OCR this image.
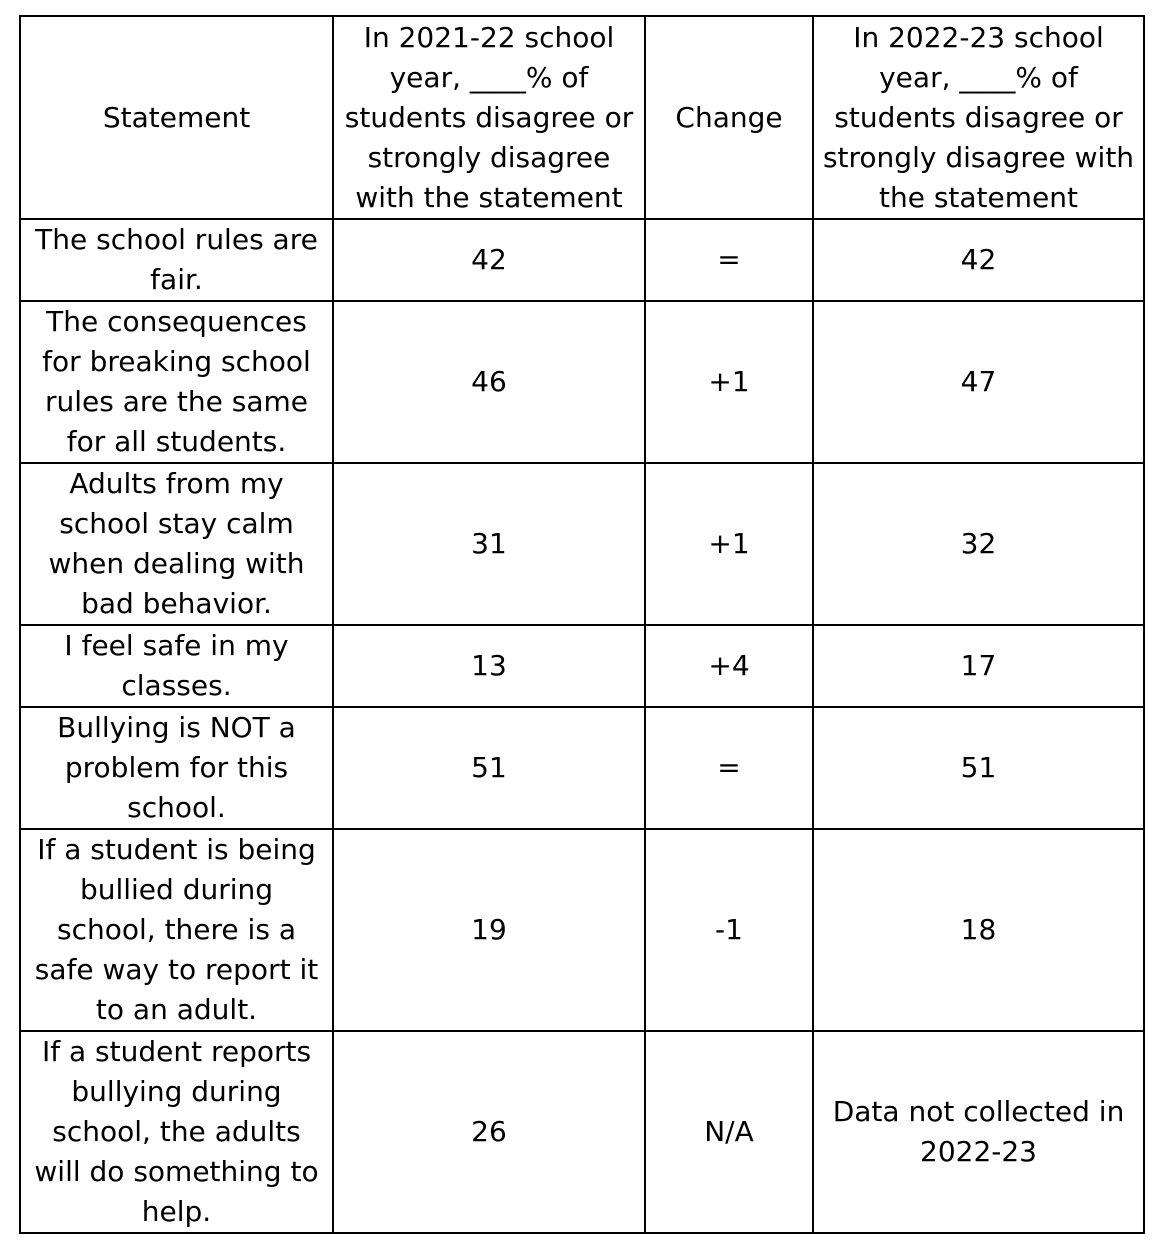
Statement	In 2021-22 school year, ____% of students disagree or strongly disagree with the statement	Change	In 2022-23 school year, ____% of students disagree or strongly disagree with the statement
The school rules are fair.	42	=	42
The consequences for breaking school rules are the same for all students.	46	+1	47
Adults from my school stay calm when dealing with bad behavior.	31	+1	32
I feel safe in my classes.	13	+4	17
Bullying is NOT a problem for this school.	51	=	51
If a student is being bullied during school, there is a safe way to report it to an adult.	19	-1	18
If a student reports bullying during school, the adults will do something to help.	26	N/A	Data not collected in 2022-23
